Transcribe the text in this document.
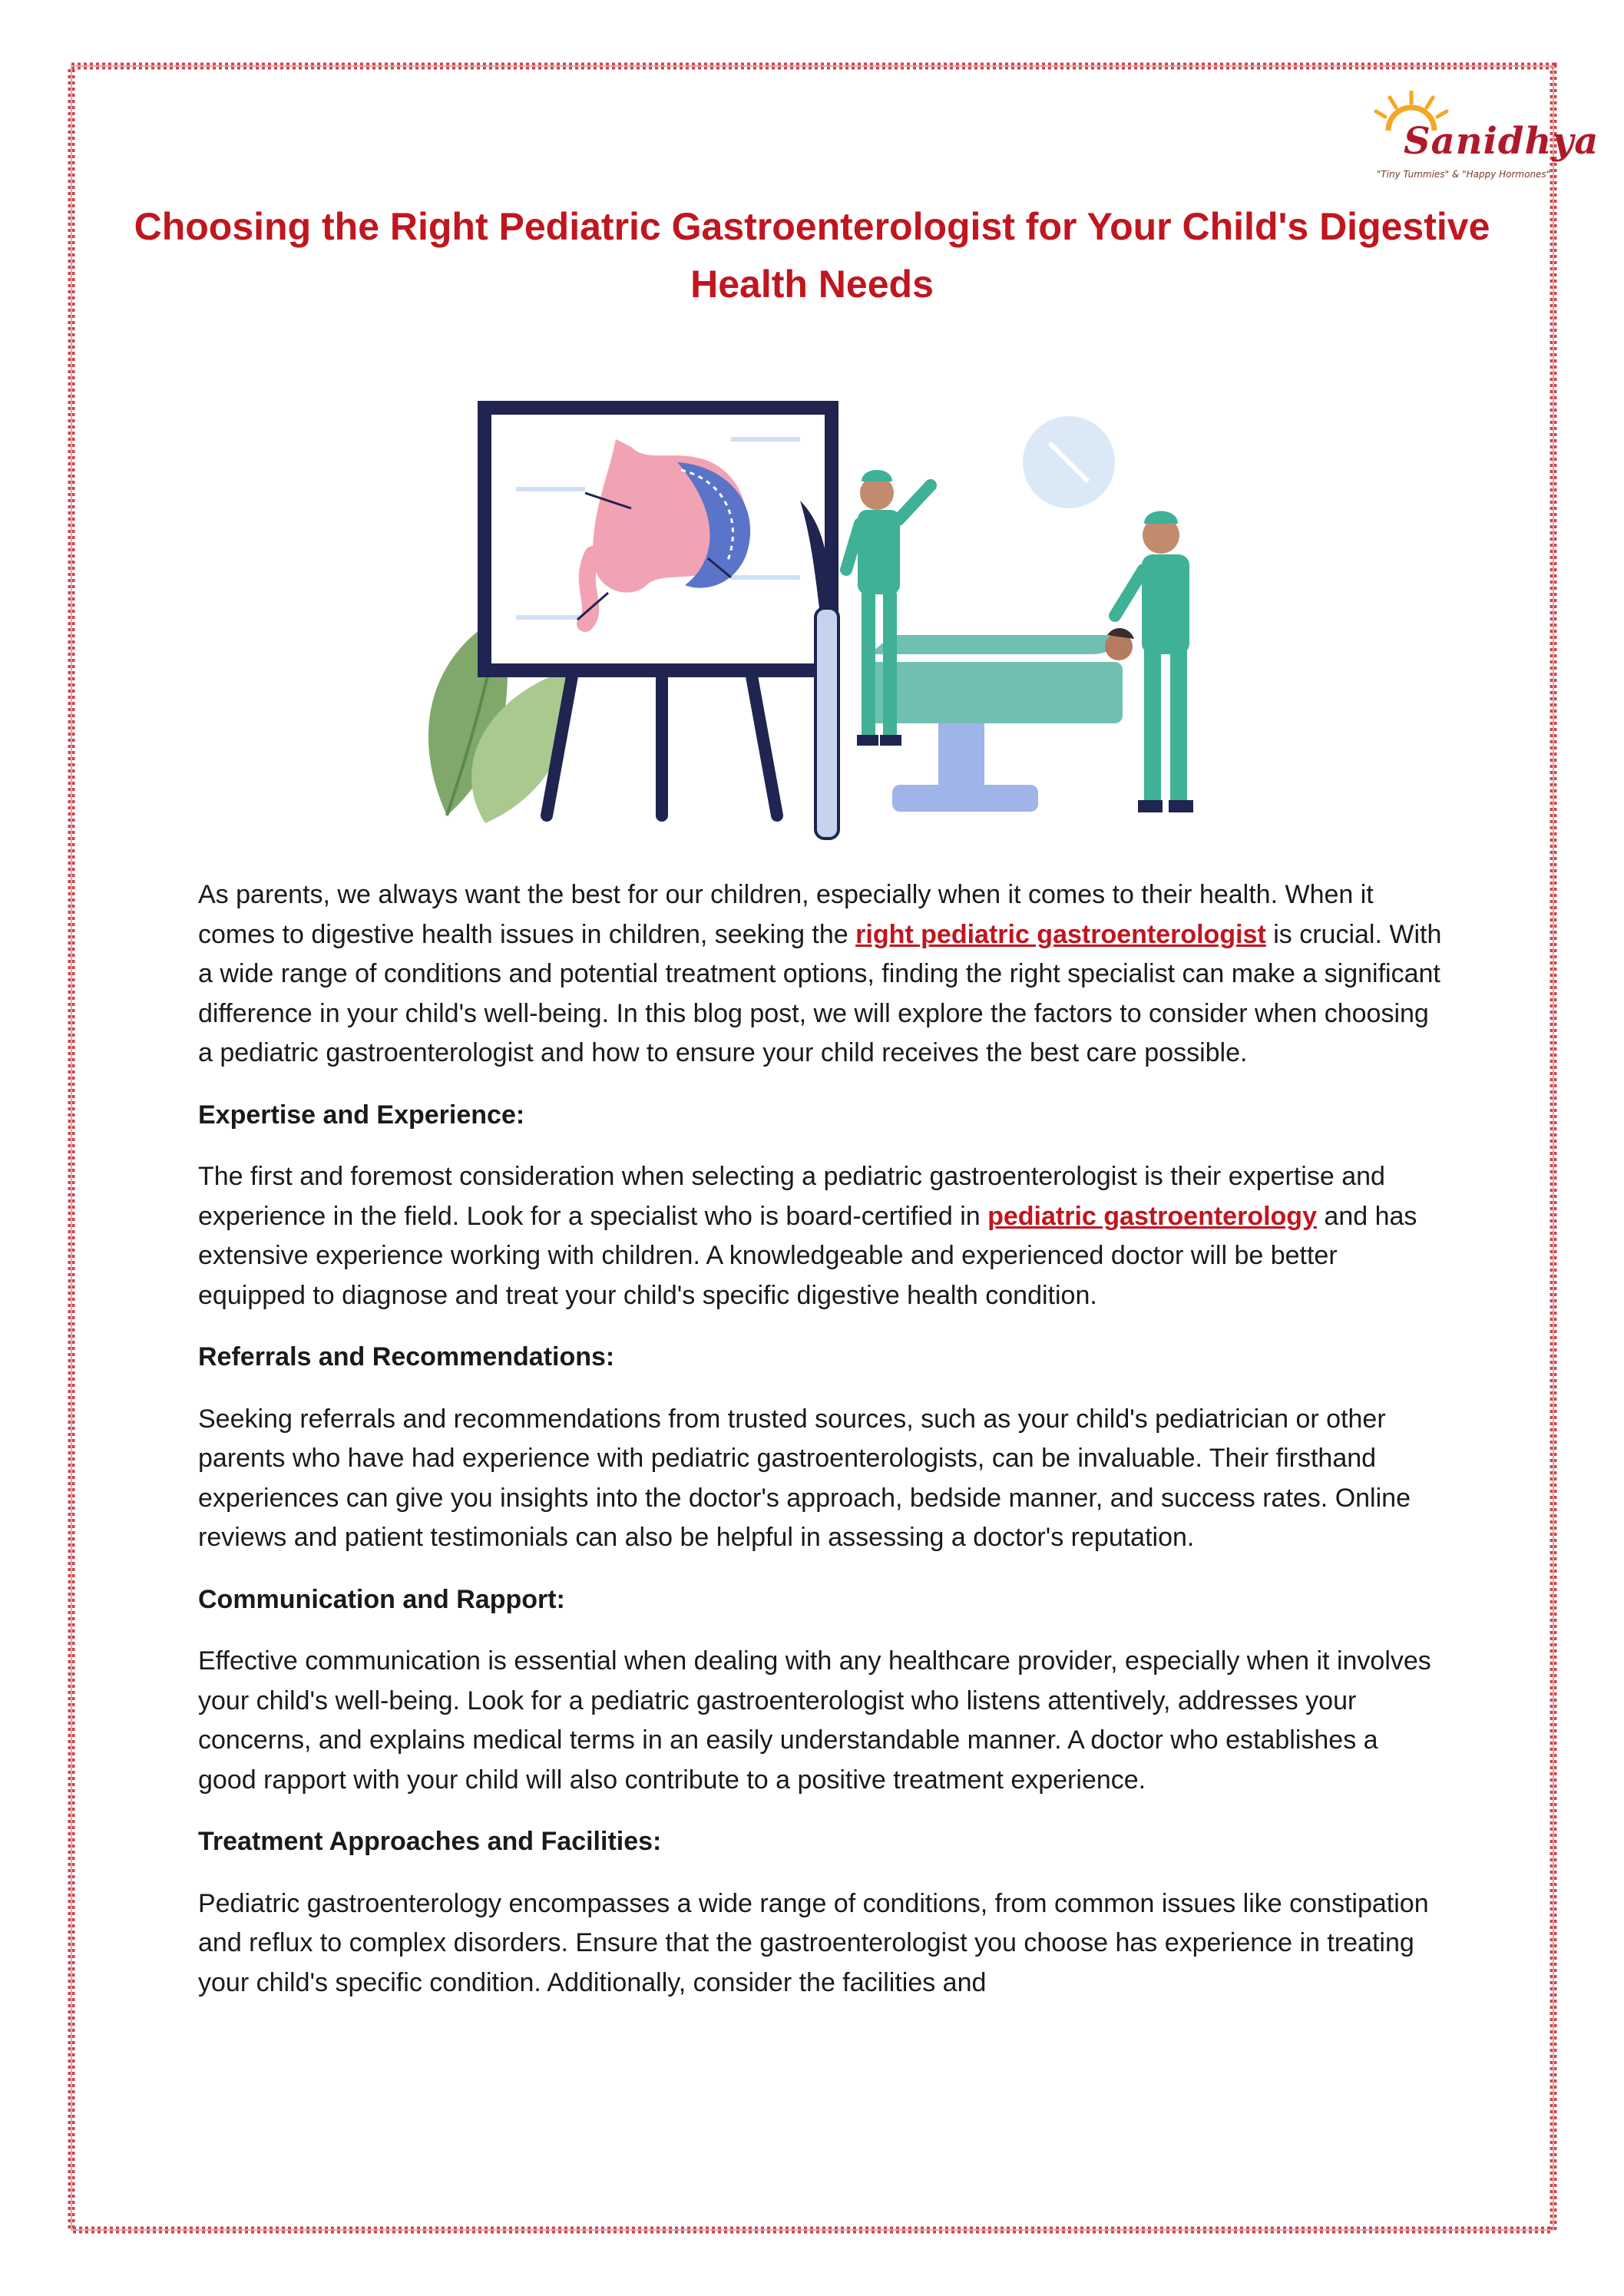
Sanidhya
"Tiny Tummies" & "Happy Hormones"
Choosing the Right Pediatric Gastroenterologist for Your Child's Digestive Health Needs

As parents, we always want the best for our children, especially when it comes to their health. When it comes to digestive health issues in children, seeking the right pediatric gastroenterologist is crucial. With a wide range of conditions and potential treatment options, finding the right specialist can make a significant difference in your child's well-being. In this blog post, we will explore the factors to consider when choosing a pediatric gastroenterologist and how to ensure your child receives the best care possible.

Expertise and Experience:

The first and foremost consideration when selecting a pediatric gastroenterologist is their expertise and experience in the field. Look for a specialist who is board-certified in pediatric gastroenterology and has extensive experience working with children. A knowledgeable and experienced doctor will be better equipped to diagnose and treat your child's specific digestive health condition.

Referrals and Recommendations:

Seeking referrals and recommendations from trusted sources, such as your child's pediatrician or other parents who have had experience with pediatric gastroenterologists, can be invaluable. Their firsthand experiences can give you insights into the doctor's approach, bedside manner, and success rates. Online reviews and patient testimonials can also be helpful in assessing a doctor's reputation.

Communication and Rapport:

Effective communication is essential when dealing with any healthcare provider, especially when it involves your child's well-being. Look for a pediatric gastroenterologist who listens attentively, addresses your concerns, and explains medical terms in an easily understandable manner. A doctor who establishes a good rapport with your child will also contribute to a positive treatment experience.

Treatment Approaches and Facilities:

Pediatric gastroenterology encompasses a wide range of conditions, from common issues like constipation and reflux to complex disorders. Ensure that the gastroenterologist you choose has experience in treating your child's specific condition. Additionally, consider the facilities and
